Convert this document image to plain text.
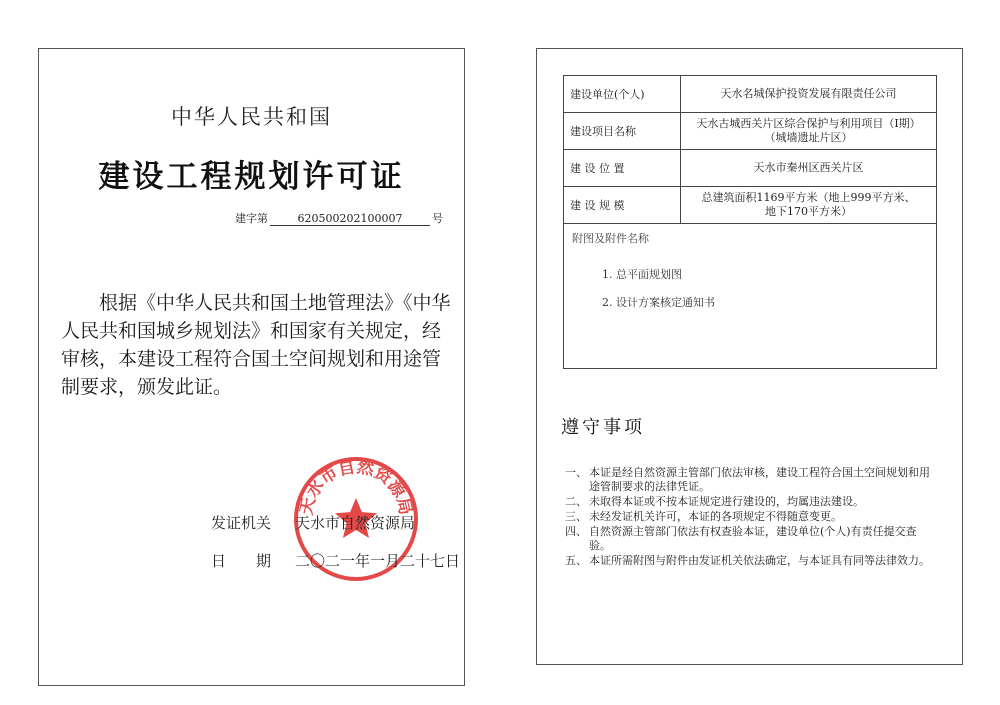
中华人民共和国
建设工程规划许可证
建字第	620500202100007	号
根据《中华人民共和国土地管理法》《中华人民共和国城乡规划法》和国家有关规定，经审核，本建设工程符合国土空间规划和用途管制要求，颁发此证。
天水市自然资源局
发证机关 天水市自然资源局
日期二〇二一年一月二十七日
建设单位(个人)	天水名城保护投资发展有限责任公司
建设项目名称	天水古城西关片区综合保护与利用项目（I期）
（城墙遗址片区）
建 设 位 置	天水市秦州区西关片区
建 设 规 模	总建筑面积1169平方米（地上999平方米、
地下170平方米）

附图及附件名称
1. 总平面规划图
2. 设计方案核定通知书	
遵守事项
一、 本证是经自然资源主管部门依法审核，建设工程符合国土空间规划和用途管制要求的法律凭证。
二、 未取得本证或不按本证规定进行建设的，均属违法建设。
三、 未经发证机关许可，本证的各项规定不得随意变更。
四、 自然资源主管部门依法有权查验本证，建设单位(个人)有责任提交查验。
五、 本证所需附图与附件由发证机关依法确定，与本证具有同等法律效力。
